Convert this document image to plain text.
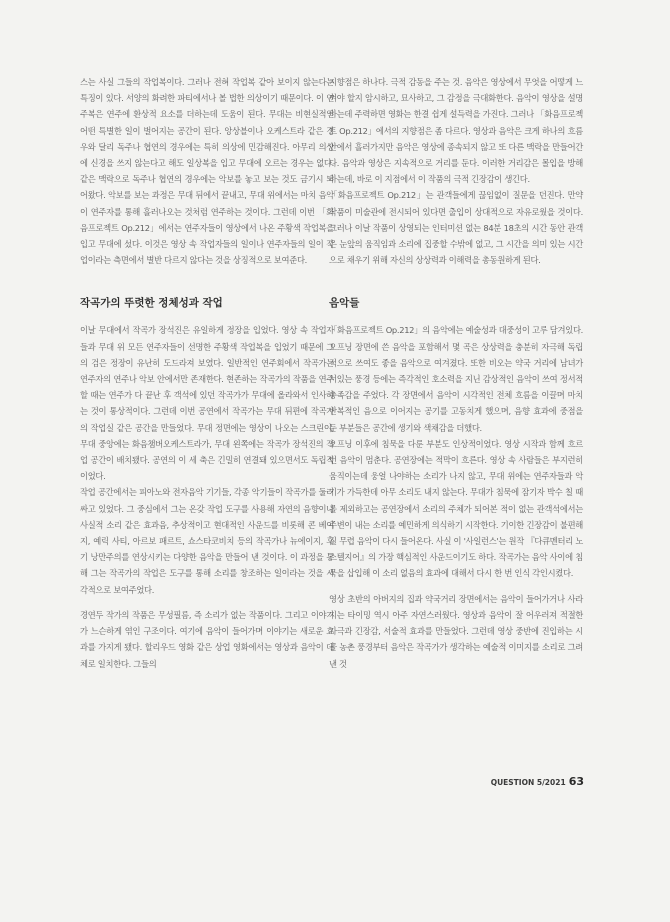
스는 사실 그들의 작업복이다. 그러나 전혀 작업복 같아 보이지 않는다는 특징이 있다. 서양의 화려한 파티에서나 볼 법한 의상이기 때문이다. 이 연주복은 연주에 환상적 요소를 더하는데 도움이 된다. 무대는 비현실적인 어떤 특별한 일이 벌어지는 공간이 된다. 앙상블이나 오케스트라 같은 경우와 달리 독주나 협연의 경우에는 특히 의상에 민감해진다. 아무리 의상에 신경을 쓰지 않는다고 해도 일상복을 입고 무대에 오르는 경우는 없다. 같은 맥락으로 독주나 협연의 경우에는 악보를 놓고 보는 것도 금기시 되어왔다. 악보를 보는 과정은 무대 뒤에서 끝내고, 무대 위에서는 마치 음악이 연주자를 통해 흘러나오는 것처럼 연주하는 것이다. 그런데 이번 「화음프로젝트 Op.212」에서는 연주자들이 영상에서 나온 주황색 작업복을 입고 무대에 섰다. 이것은 영상 속 작업자들의 일이나 연주자들의 일이 작업이라는 측면에서 별반 다르지 않다는 것을 상징적으로 보여준다.

작곡가의 뚜렷한 정체성과 작업

이날 무대에서 작곡가 장석진은 유일하게 정장을 입었다. 영상 속 작업자들과 무대 위 모든 연주자들이 선명한 주황색 작업복을 입었기 때문에 그의 검은 정장이 유난히 도드라져 보였다. 일반적인 연주회에서 작곡가는 연주자의 연주나 악보 안에서만 존재한다. 현존하는 작곡가의 작품을 연주할 때는 연주가 다 끝난 후 객석에 있던 작곡가가 무대에 올라와서 인사하는 것이 통상적이다. 그런데 이번 공연에서 작곡가는 무대 뒤편에 작곡가의 작업실 같은 공간을 만들었다. 무대 정면에는 영상이 나오는 스크린이, 무대 중앙에는 화음챔버오케스트라가, 무대 왼쪽에는 작곡가 장석진의 작업 공간이 배치됐다. 공연의 이 세 축은 긴밀히 연결돼 있으면서도 독립적이었다.

작업 공간에서는 피아노와 전자음악 기기들, 각종 악기들이 작곡가를 둘러싸고 있었다. 그 중심에서 그는 온갖 작업 도구를 사용해 자연의 음향이나 사실적 소리 같은 효과음, 추상적이고 현대적인 사운드를 비롯해 콘 베이지, 예릭 사티, 아르보 패르트, 쇼스타코비치 등의 작곡가나 뉴에이지, 후기 낭만주의를 연상시키는 다양한 음악을 만들어 낸 것이다. 이 과정을 통해 그는 작곡가의 작업은 도구를 통해 소리를 창조하는 일이라는 것을 시각적으로 보여주었다.

경연두 작가의 작품은 무성필름, 즉 소리가 없는 작품이다. 그리고 이야기가 느슨하게 엮인 구조이다. 여기에 음악이 들어가며 이야기는 새로운 효과를 가지게 됐다. 할리우드 영화 같은 상업 영화에서는 영상과 음악이 대체로 일치한다. 그들의

지향점은 하나다. 극적 감동을 주는 것. 음악은 영상에서 무엇을 어떻게 느껴야 할지 암시하고, 묘사하고, 그 감정을 극대화한다. 음악이 영상을 설명하는데 주력하면 영화는 한결 쉽게 설득력을 가진다. 그러나 「화음프로젝트 Op.212」에서의 지향점은 좀 다르다. 영상과 음악은 크게 하나의 흐름 안에서 흘러가지만 음악은 영상에 종속되지 않고 또 다른 맥락을 만들어간다. 음악과 영상은 지속적으로 거리를 둔다. 이러한 거리감은 몰입을 방해하는데, 바로 이 지점에서 이 작품의 극적 긴장감이 생긴다.

「화음프로젝트 Op.212」는 관객들에게 끊임없이 질문을 던진다. 만약 작품이 미술관에 전시되어 있다면 출입이 상대적으로 자유로웠을 것이다. 그러나 이날 작품이 상영되는 인터미션 없는 84분 18초의 시간 동안 관객은 눈앞의 움직임과 소리에 집중할 수밖에 없고, 그 시간을 의미 있는 시간으로 채우기 위해 자신의 상상력과 이해력을 총동원하게 된다.

음악들

「화음프로젝트 Op.212」의 음악에는 예술성과 대중성이 고루 담겨있다. 오프닝 장면에 쓴 음악을 포함해서 몇 곡은 상상력을 충분히 자극해 독립적으로 쓰여도 좋을 음악으로 여겨졌다. 또한 비오는 약국 거리에 남녀가 서있는 풍경 등에는 즉각적인 호소력을 지닌 감상적인 음악이 쓰여 정서적 충족감을 주었다. 각 장면에서 음악이 시각적인 전체 흐름을 이끌며 마치 반복적인 음으로 이어지는 공기를 고동치게 했으며, 음향 효과에 중점을 둔 부분들은 공간에 생기와 색채감을 더했다.

오프닝 이후에 침묵을 다룬 부분도 인상적이었다. 영상 시작과 함께 흐르던 음악이 멈춘다. 공연장에는 적막이 흐른다. 영상 속 사람들은 부지런히 움직이는데 웅얼 나야하는 소리가 나지 않고, 무대 위에는 연주자들과 악기가 가득한데 아무 소리도 내지 않는다. 무대가 침묵에 잠기자 박수 칠 때를 제외하고는 공연장에서 소리의 주체가 되어본 적이 없는 관객석에서는 주변이 내는 소리를 예민하게 의식하기 시작한다. 기이한 긴장감이 불편해질 무렵 음악이 다시 들어온다. 사실 이 '사일런스'는 원작 『다큐멘터리 노스텔지어』의 가장 핵심적인 사운드이기도 하다. 작곡가는 음악 사이에 침묵을 삽입해 이 소리 없음의 효과에 대해서 다시 한 번 인식 각인시켰다.

영상 초반의 아버지의 집과 약국거리 장면에서는 음악이 들어가거나 사라지는 타이밍 역시 아주 자연스러웠다. 영상과 음악이 잘 어우러져 적절한 자극과 긴장감, 서술적 효과를 만들었다. 그런데 영상 중반에 진입하는 시골 농촌 풍경부터 음악은 작곡가가 생각하는 예술적 이미지를 소리로 그려낸 것

QUESTION 5/2021 63
